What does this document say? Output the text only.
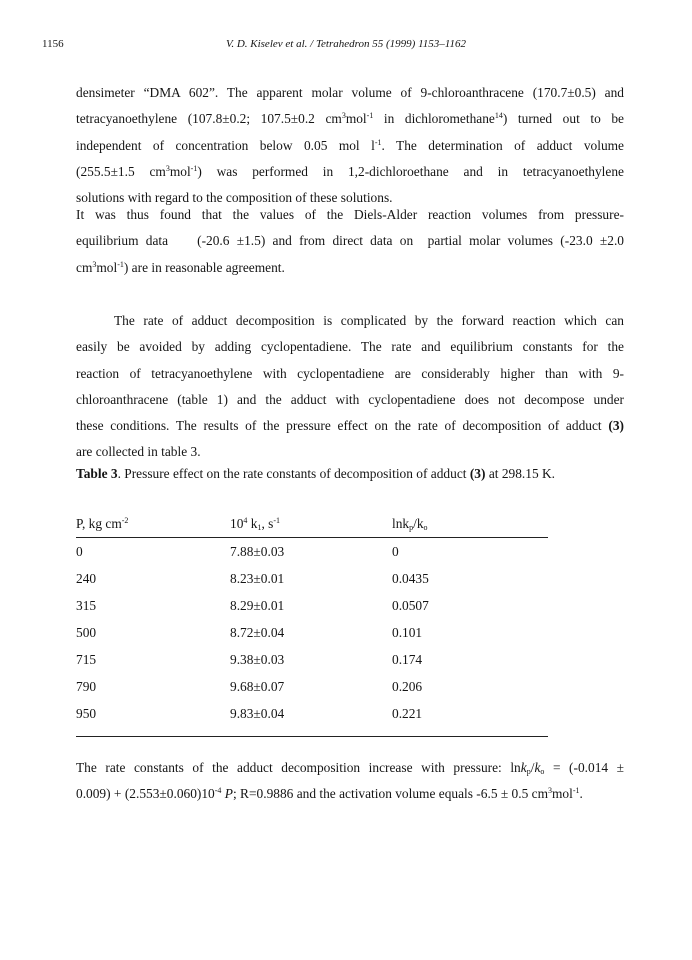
1156	V. D. Kiselev et al. / Tetrahedron 55 (1999) 1153–1162
densimeter “DMA 602”. The apparent molar volume of 9-chloroanthracene (170.7±0.5) and
tetracyanoethylene (107.8±0.2; 107.5±0.2 $cm^3mol^{-1}$ in dichloromethane$^{14}$) turned out to be
independent of concentration below 0.05 mol $l^{-1}$. The determination of adduct volume
(255.5±1.5 $cm^3mol^{-1}$) was performed in 1,2-dichloroethane and in tetracyanoethylene
solutions with regard to the composition of these solutions.
It was thus found that the values of the Diels-Alder reaction volumes from pressure-
equilibrium data    (-20.6 ±1.5) and from direct data on  partial molar volumes (-23.0 ±2.0
$cm^3mol^{-1}$) are in reasonable agreement.
The rate of adduct decomposition is complicated by the forward reaction which can
easily be avoided by adding cyclopentadiene. The rate and equilibrium constants for the
reaction of tetracyanoethylene with cyclopentadiene are considerably higher than with 9-
chloroanthracene (table 1) and the adduct with cyclopentadiene does not decompose under
these conditions. The results of the pressure effect on the rate of decomposition of adduct (3)
are collected in table 3.
Table 3. Pressure effect on the rate constants of decomposition of adduct (3) at 298.15 K.
P, kg $cm^{-2}$	$10^4$ $k_1$, $s^{-1}$	$\ln k_p/k_o$
0	7.88±0.03	0
240	8.23±0.01	0.0435
315	8.29±0.01	0.0507
500	8.72±0.04	0.101
715	9.38±0.03	0.174
790	9.68±0.07	0.206
950	9.83±0.04	0.221
The rate constants of the adduct decomposition increase with pressure: $\ln k_p/k_o = (-0.014$ ±
$0.009) + (2.553\pm 0.060)10^{-4}$ P; R=0.9886 and the activation volume equals -6.5 ± 0.5 $cm^3mol^{-1}$.
